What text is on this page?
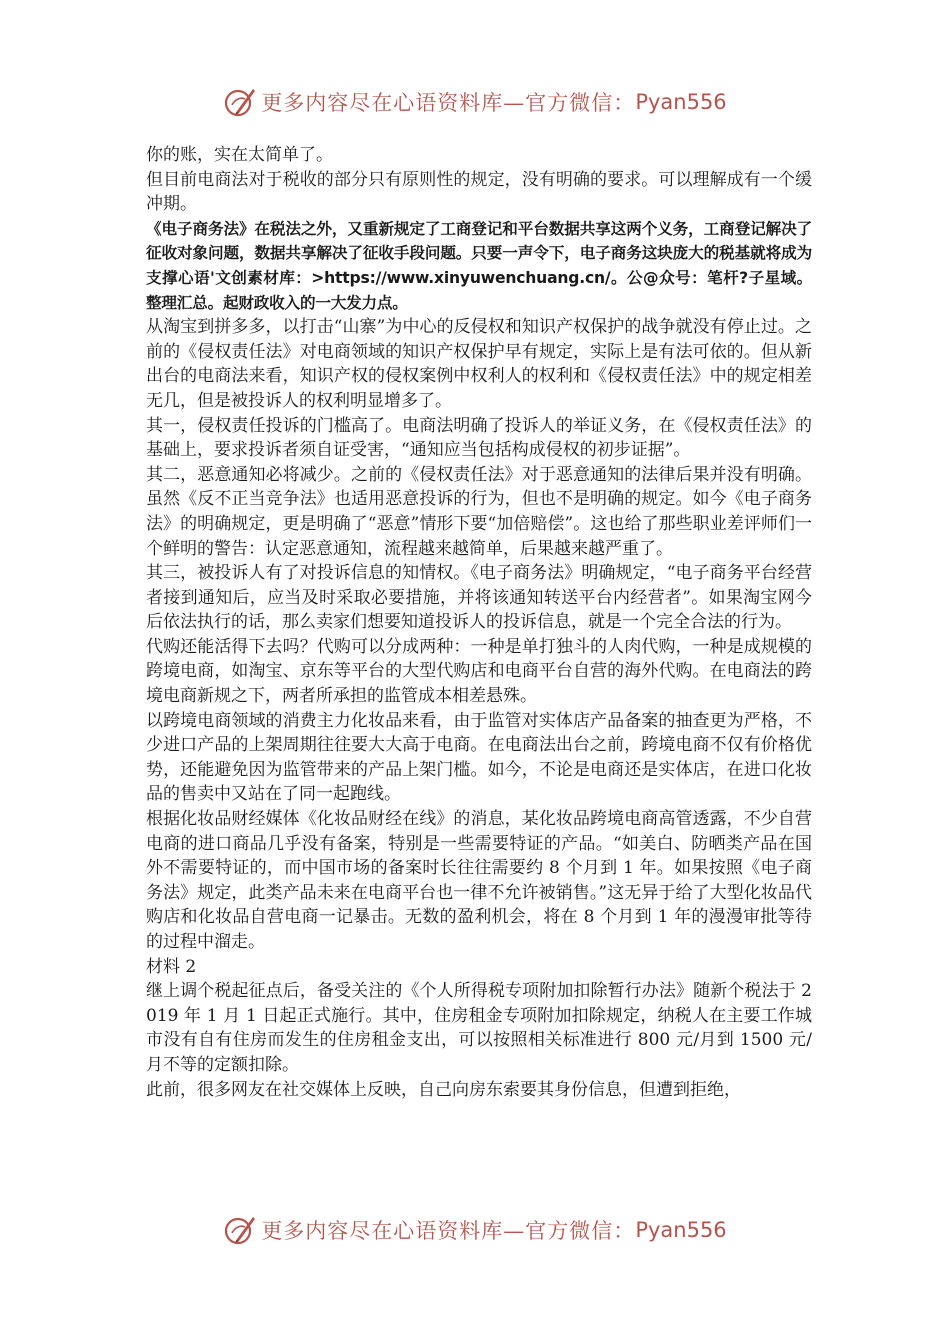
更多内容尽在心语资料库—官方微信： Pyan556

你的账，实在太简单了。

但目前电商法对于税收的部分只有原则性的规定，没有明确的要求。可以理解成有一个缓冲期。

《电子商务法》在税法之外，又重新规定了工商登记和平台数据共享这两个义务，工商登记解决了征收对象问题，数据共享解决了征收手段问题。只要一声令下，电子商务这块庞大的税基就将成为支撑心语'文创素材库：>https://www.xinyuwenchuang.cn/。公@众号：笔杆?子星域。整理汇总。起财政收入的一大发力点。

从淘宝到拼多多，以打击“山寨”为中心的反侵权和知识产权保护的战争就没有停止过。之前的《侵权责任法》对电商领域的知识产权保护早有规定，实际上是有法可依的。但从新出台的电商法来看，知识产权的侵权案例中权利人的权利和《侵权责任法》中的规定相差无几，但是被投诉人的权利明显增多了。

其一，侵权责任投诉的门槛高了。电商法明确了投诉人的举证义务，在《侵权责任法》的基础上，要求投诉者须自证受害，“通知应当包括构成侵权的初步证据”。

其二，恶意通知必将减少。之前的《侵权责任法》对于恶意通知的法律后果并没有明确。虽然《反不正当竞争法》也适用恶意投诉的行为，但也不是明确的规定。如今《电子商务法》的明确规定，更是明确了“恶意”情形下要“加倍赔偿”。这也给了那些职业差评师们一个鲜明的警告：认定恶意通知，流程越来越简单，后果越来越严重了。

其三，被投诉人有了对投诉信息的知情权。《电子商务法》明确规定，“电子商务平台经营者接到通知后，应当及时采取必要措施，并将该通知转送平台内经营者”。如果淘宝网今后依法执行的话，那么卖家们想要知道投诉人的投诉信息，就是一个完全合法的行为。

代购还能活得下去吗？代购可以分成两种：一种是单打独斗的人肉代购，一种是成规模的跨境电商，如淘宝、京东等平台的大型代购店和电商平台自营的海外代购。在电商法的跨境电商新规之下，两者所承担的监管成本相差悬殊。

以跨境电商领域的消费主力化妆品来看，由于监管对实体店产品备案的抽查更为严格，不少进口产品的上架周期往往要大大高于电商。在电商法出台之前，跨境电商不仅有价格优势，还能避免因为监管带来的产品上架门槛。如今，不论是电商还是实体店，在进口化妆品的售卖中又站在了同一起跑线。

根据化妆品财经媒体《化妆品财经在线》的消息，某化妆品跨境电商高管透露，不少自营电商的进口商品几乎没有备案，特别是一些需要特证的产品。“如美白、防晒类产品在国外不需要特证的，而中国市场的备案时长往往需要约 8 个月到 1 年。如果按照《电子商务法》规定，此类产品未来在电商平台也一律不允许被销售。”这无异于给了大型化妆品代购店和化妆品自营电商一记暴击。无数的盈利机会，将在 8 个月到 1 年的漫漫审批等待的过程中溜走。

材料 2

继上调个税起征点后，备受关注的《个人所得税专项附加扣除暂行办法》随新个税法于 2019 年 1 月 1 日起正式施行。其中，住房租金专项附加扣除规定，纳税人在主要工作城市没有自有住房而发生的住房租金支出，可以按照相关标准进行 800 元/月到 1500 元/月不等的定额扣除。

此前，很多网友在社交媒体上反映，自己向房东索要其身份信息，但遭到拒绝，

更多内容尽在心语资料库—官方微信： Pyan556
